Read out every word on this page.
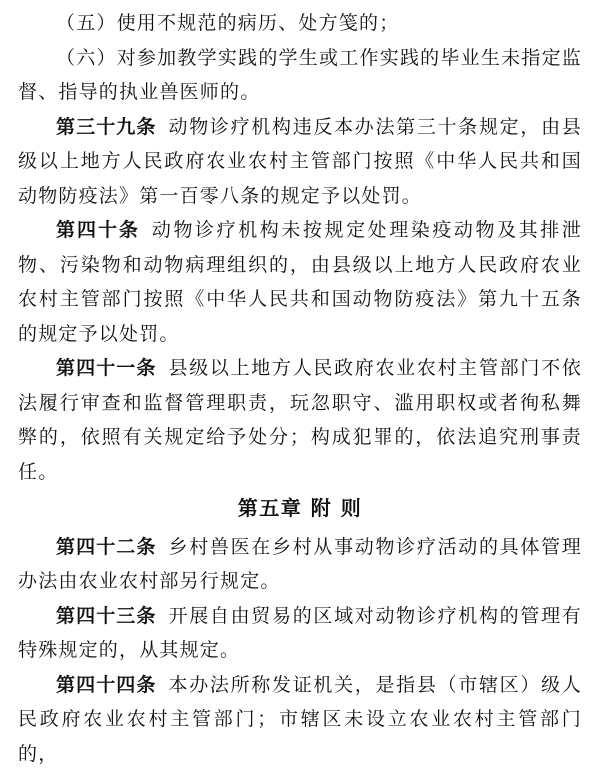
（五）使用不规范的病历、处方笺的；

（六）对参加教学实践的学生或工作实践的毕业生未指定监督、指导的执业兽医师的。

第三十九条 动物诊疗机构违反本办法第三十条规定，由县级以上地方人民政府农业农村主管部门按照《中华人民共和国动物防疫法》第一百零八条的规定予以处罚。

第四十条 动物诊疗机构未按规定处理染疫动物及其排泄物、污染物和动物病理组织的，由县级以上地方人民政府农业农村主管部门按照《中华人民共和国动物防疫法》第九十五条的规定予以处罚。

第四十一条 县级以上地方人民政府农业农村主管部门不依法履行审查和监督管理职责，玩忽职守、滥用职权或者徇私舞弊的，依照有关规定给予处分；构成犯罪的，依法追究刑事责任。

第五章 附 则

第四十二条 乡村兽医在乡村从事动物诊疗活动的具体管理办法由农业农村部另行规定。

第四十三条 开展自由贸易的区域对动物诊疗机构的管理有特殊规定的，从其规定。

第四十四条 本办法所称发证机关，是指县（市辖区）级人民政府农业农村主管部门；市辖区未设立农业农村主管部门的，
